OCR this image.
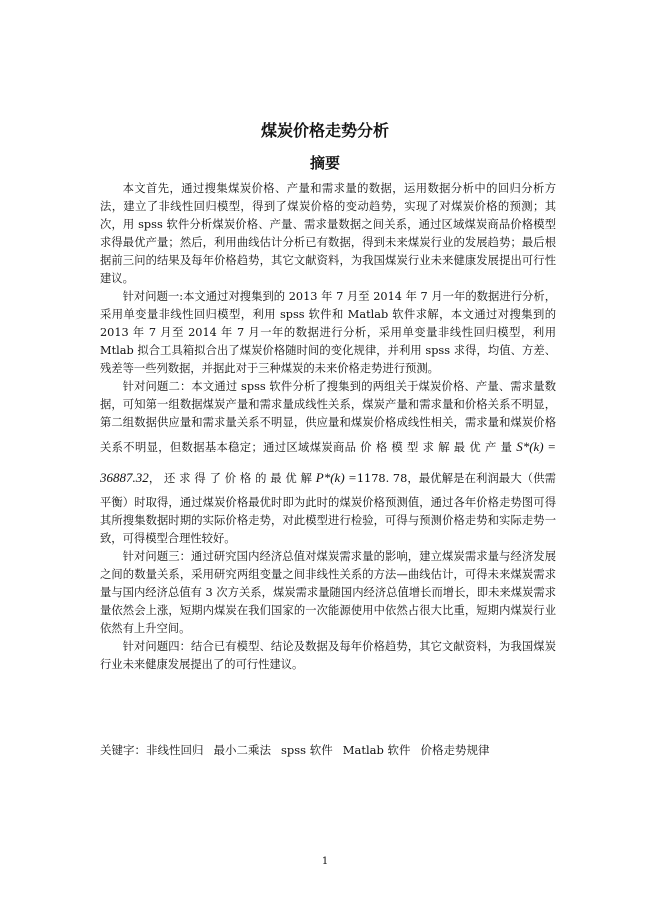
煤炭价格走势分析
摘要

本文首先，通过搜集煤炭价格、产量和需求量的数据，运用数据分析中的回归分析方法，建立了非线性回归模型，得到了煤炭价格的变动趋势，实现了对煤炭价格的预测；其次，用 spss 软件分析煤炭价格、产量、需求量数据之间关系，通过区域煤炭商品价格模型求得最优产量；然后，利用曲线估计分析已有数据，得到未来煤炭行业的发展趋势；最后根据前三问的结果及每年价格趋势，其它文献资料，为我国煤炭行业未来健康发展提出可行性建议。

针对问题一:本文通过对搜集到的 2013 年 7 月至 2014 年 7 月一年的数据进行分析，采用单变量非线性回归模型，利用 spss 软件和 Matlab 软件求解，本文通过对搜集到的 2013 年 7 月至 2014 年 7 月一年的数据进行分析，采用单变量非线性回归模型，利用 Mtlab 拟合工具箱拟合出了煤炭价格随时间的变化规律，并利用 spss 求得，均值、方差、残差等一些列数据，并据此对于三种煤炭的未来价格走势进行预测。

针对问题二：本文通过 spss 软件分析了搜集到的两组关于煤炭价格、产量、需求量数据，可知第一组数据煤炭产量和需求量成线性关系，煤炭产量和需求量和价格关系不明显，第二组数据供应量和需求量关系不明显，供应量和煤炭价格成线性相关，需求量和煤炭价格关系不明显，但数据基本稳定；通过区域煤炭商品 价 格 模 型 求 解 最 优 产 量 S*(k) = 36887.32， 还 求 得 了 价 格 的 最 优 解 P*(k) =1178. 78，最优解是在利润最大（供需平衡）时取得，通过煤炭价格最优时即为此时的煤炭价格预测值，通过各年价格走势图可得其所搜集数据时期的实际价格走势，对此模型进行检验，可得与预测价格走势和实际走势一致，可得模型合理性较好。

针对问题三：通过研究国内经济总值对煤炭需求量的影响，建立煤炭需求量与经济发展之间的数量关系，采用研究两组变量之间非线性关系的方法—曲线估计，可得未来煤炭需求量与国内经济总值有 3 次方关系，煤炭需求量随国内经济总值增长而增长，即未来煤炭需求量依然会上涨，短期内煤炭在我们国家的一次能源使用中依然占很大比重，短期内煤炭行业依然有上升空间。

针对问题四：结合已有模型、结论及数据及每年价格趋势，其它文献资料，为我国煤炭行业未来健康发展提出了的可行性建议。

关键字：非线性回归 最小二乘法 spss 软件 Matlab 软件 价格走势规律
1
